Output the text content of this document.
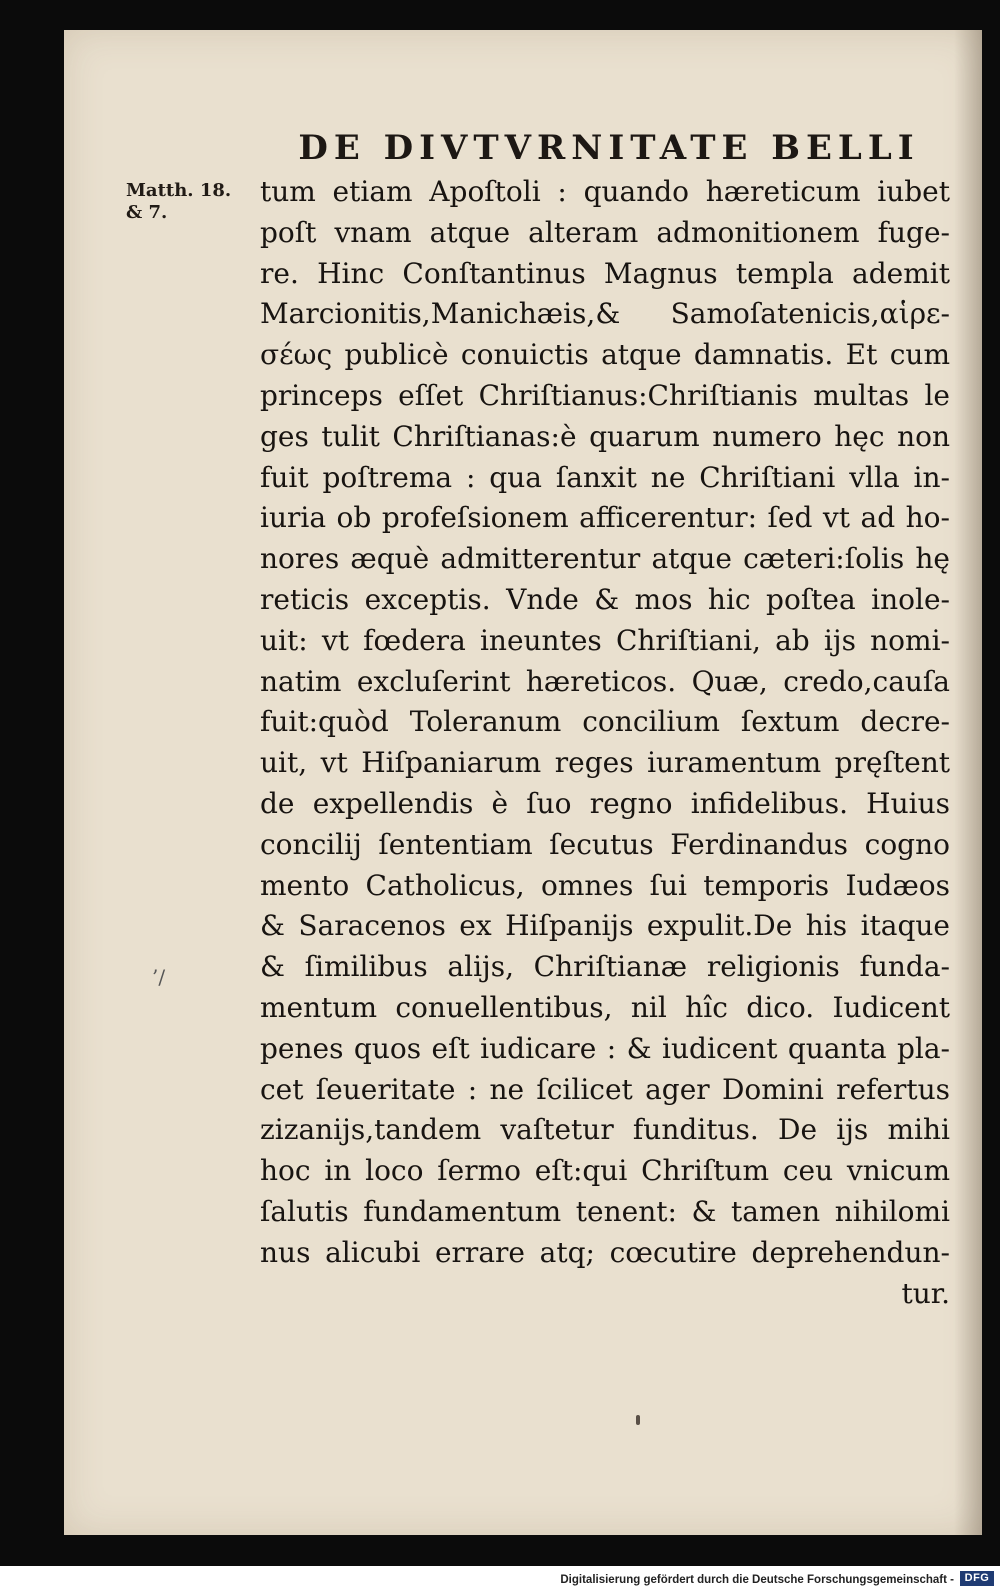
DE DIVTVRNITATE BELLI
Matth. 18.
& 7.
’/
tum etiam Apoſtoli : quando hæreticum iubet
poſt vnam atque alteram admonitionem fuge-
re. Hinc Conſtantinus Magnus templa ademit
Marcionitis,Manichæis,& Samoſatenicis,αἱρε-
σέως publicè conuictis atque damnatis. Et cum
princeps eſſet Chriſtianus:Chriſtianis multas le
ges tulit Chriſtianas:è quarum numero hęc non
fuit poſtrema : qua ſanxit ne Chriſtiani vlla in-
iuria ob profeſsionem afficerentur: ſed vt ad ho-
nores æquè admitterentur atque cæteri:ſolis hę
reticis exceptis. Vnde & mos hic poſtea inole-
uit: vt fœdera ineuntes Chriſtiani, ab ijs nomi-
natim excluſerint hæreticos. Quæ, credo,cauſa
fuit:quòd Toleranum concilium ſextum decre-
uit, vt Hiſpaniarum reges iuramentum pręſtent
de expellendis è ſuo regno infidelibus. Huius
concilij ſententiam ſecutus Ferdinandus cogno
mento Catholicus, omnes ſui temporis Iudæos
& Saracenos ex Hiſpanijs expulit.De his itaque
& ſimilibus alijs, Chriſtianæ religionis funda-
mentum conuellentibus, nil hîc dico. Iudicent
penes quos eſt iudicare : & iudicent quanta pla-
cet ſeueritate : ne ſcilicet ager Domini refertus
zizanijs,tandem vaſtetur funditus. De ijs mihi
hoc in loco ſermo eſt:qui Chriſtum ceu vnicum
ſalutis fundamentum tenent: & tamen nihilomi
nus alicubi errare atq; cœcutire deprehendun-
tur.
Digitalisierung gefördert durch die Deutsche Forschungsgemeinschaft - DFG
